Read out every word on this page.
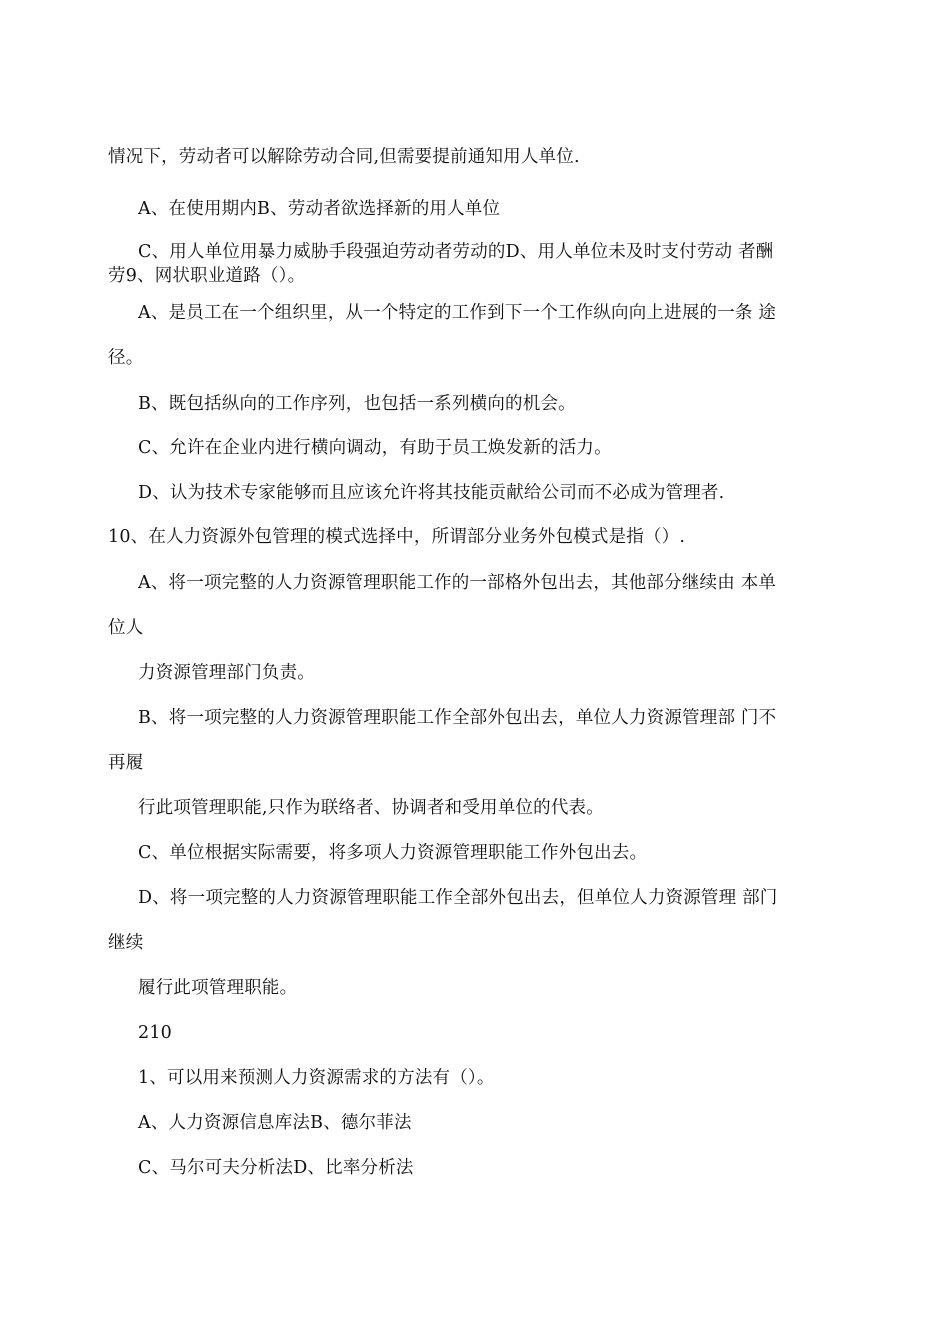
情况下，劳动者可以解除劳动合同,但需要提前通知用人单位.
A、在使用期内B、劳动者欲选择新的用人单位
C、用人单位用暴力威胁手段强迫劳动者劳动的D、用人单位未及时支付劳动 者酬
劳9、网状职业道路（）。
A、是员工在一个组织里，从一个特定的工作到下一个工作纵向向上进展的一条 途
径。
B、既包括纵向的工作序列，也包括一系列横向的机会。
C、允许在企业内进行横向调动，有助于员工焕发新的活力。
D、认为技术专家能够而且应该允许将其技能贡献给公司而不必成为管理者.
10、在人力资源外包管理的模式选择中，所谓部分业务外包模式是指（）.
A、将一项完整的人力资源管理职能工作的一部格外包出去，其他部分继续由 本单
位人
力资源管理部门负责。
B、将一项完整的人力资源管理职能工作全部外包出去，单位人力资源管理部 门不
再履
行此项管理职能,只作为联络者、协调者和受用单位的代表。
C、单位根据实际需要，将多项人力资源管理职能工作外包出去。
D、将一项完整的人力资源管理职能工作全部外包出去，但单位人力资源管理 部门
继续
履行此项管理职能。
210
1、可以用来预测人力资源需求的方法有（）。
A、人力资源信息库法B、德尔菲法
C、马尔可夫分析法D、比率分析法
